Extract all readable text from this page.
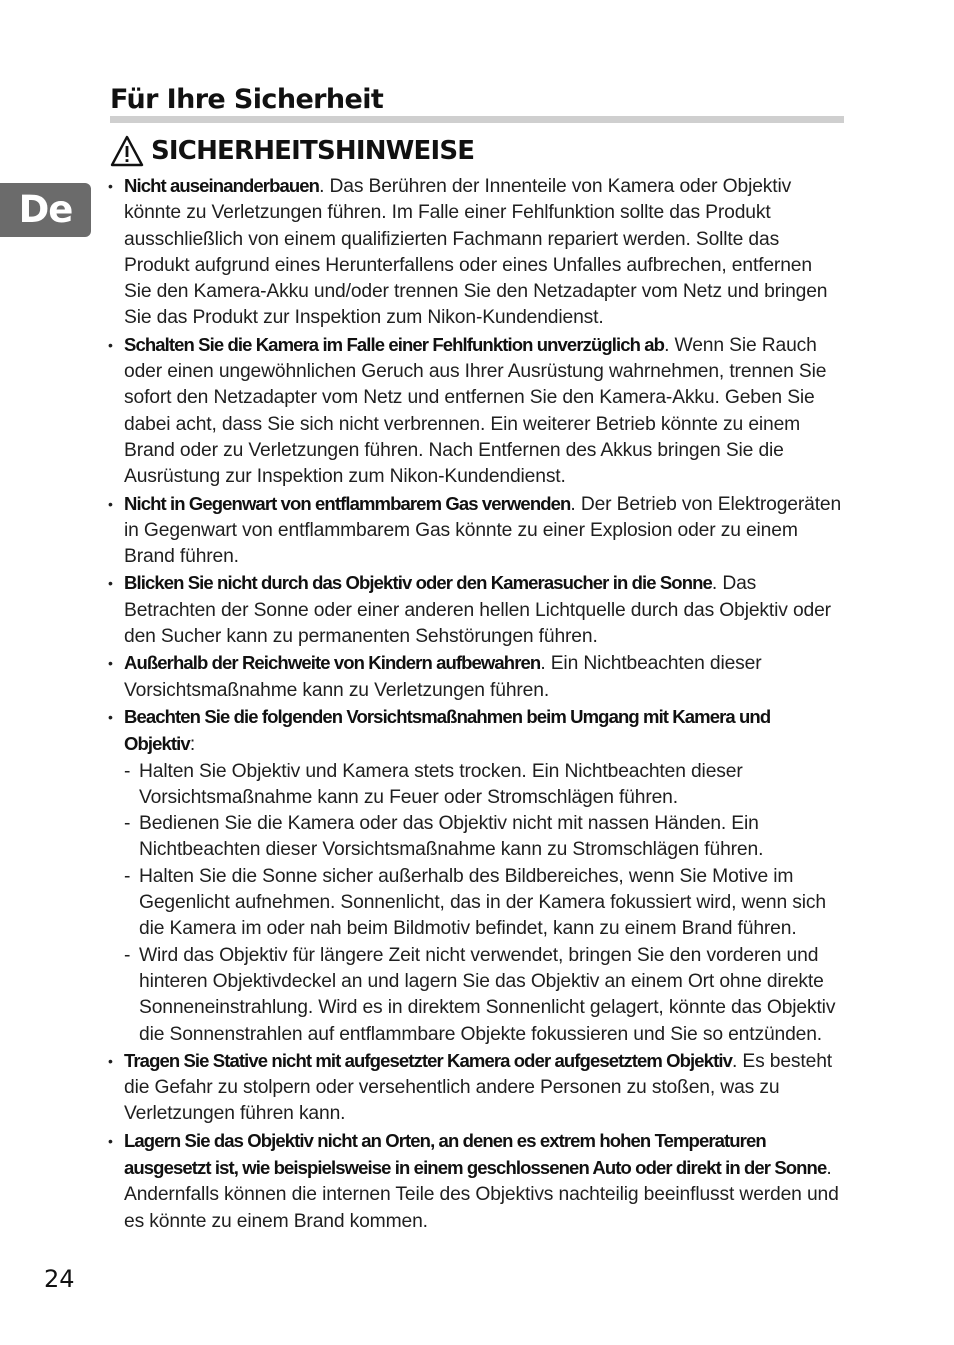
Für Ihre Sicherheit
De
SICHERHEITSHINWEISE
• Nicht auseinanderbauen. Das Berühren der Innenteile von Kamera oder Objektiv könnte zu Verletzungen führen. Im Falle einer Fehlfunktion sollte das Produkt ausschließlich von einem qualifizierten Fachmann repariert werden. Sollte das Produkt aufgrund eines Herunterfallens oder eines Unfalles aufbrechen, entfernen Sie den Kamera-Akku und/oder trennen Sie den Netzadapter vom Netz und bringen Sie das Produkt zur Inspektion zum Nikon-Kundendienst.
• Schalten Sie die Kamera im Falle einer Fehlfunktion unverzüglich ab. Wenn Sie Rauch oder einen ungewöhnlichen Geruch aus Ihrer Ausrüstung wahrnehmen, trennen Sie sofort den Netzadapter vom Netz und entfernen Sie den Kamera-Akku. Geben Sie dabei acht, dass Sie sich nicht verbrennen. Ein weiterer Betrieb könnte zu einem Brand oder zu Verletzungen führen. Nach Entfernen des Akkus bringen Sie die Ausrüstung zur Inspektion zum Nikon-Kundendienst.
• Nicht in Gegenwart von entflammbarem Gas verwenden. Der Betrieb von Elektrogeräten in Gegenwart von entflammbarem Gas könnte zu einer Explosion oder zu einem Brand führen.
• Blicken Sie nicht durch das Objektiv oder den Kamerasucher in die Sonne. Das Betrachten der Sonne oder einer anderen hellen Lichtquelle durch das Objektiv oder den Sucher kann zu permanenten Sehstörungen führen.
• Außerhalb der Reichweite von Kindern aufbewahren. Ein Nichtbeachten dieser Vorsichtsmaßnahme kann zu Verletzungen führen.
• Beachten Sie die folgenden Vorsichtsmaßnahmen beim Umgang mit Kamera und Objektiv:
- Halten Sie Objektiv und Kamera stets trocken. Ein Nichtbeachten dieser Vorsichtsmaßnahme kann zu Feuer oder Stromschlägen führen.
- Bedienen Sie die Kamera oder das Objektiv nicht mit nassen Händen. Ein Nichtbeachten dieser Vorsichtsmaßnahme kann zu Stromschlägen führen.
- Halten Sie die Sonne sicher außerhalb des Bildbereiches, wenn Sie Motive im Gegenlicht aufnehmen. Sonnenlicht, das in der Kamera fokussiert wird, wenn sich die Kamera im oder nah beim Bildmotiv befindet, kann zu einem Brand führen.
- Wird das Objektiv für längere Zeit nicht verwendet, bringen Sie den vorderen und hinteren Objektivdeckel an und lagern Sie das Objektiv an einem Ort ohne direkte Sonneneinstrahlung. Wird es in direktem Sonnenlicht gelagert, könnte das Objektiv die Sonnenstrahlen auf entflammbare Objekte fokussieren und Sie so entzünden.
• Tragen Sie Stative nicht mit aufgesetzter Kamera oder aufgesetztem Objektiv. Es besteht die Gefahr zu stolpern oder versehentlich andere Personen zu stoßen, was zu Verletzungen führen kann.
• Lagern Sie das Objektiv nicht an Orten, an denen es extrem hohen Temperaturen ausgesetzt ist, wie beispielsweise in einem geschlossenen Auto oder direkt in der Sonne. Andernfalls können die internen Teile des Objektivs nachteilig beeinflusst werden und es könnte zu einem Brand kommen.
24
